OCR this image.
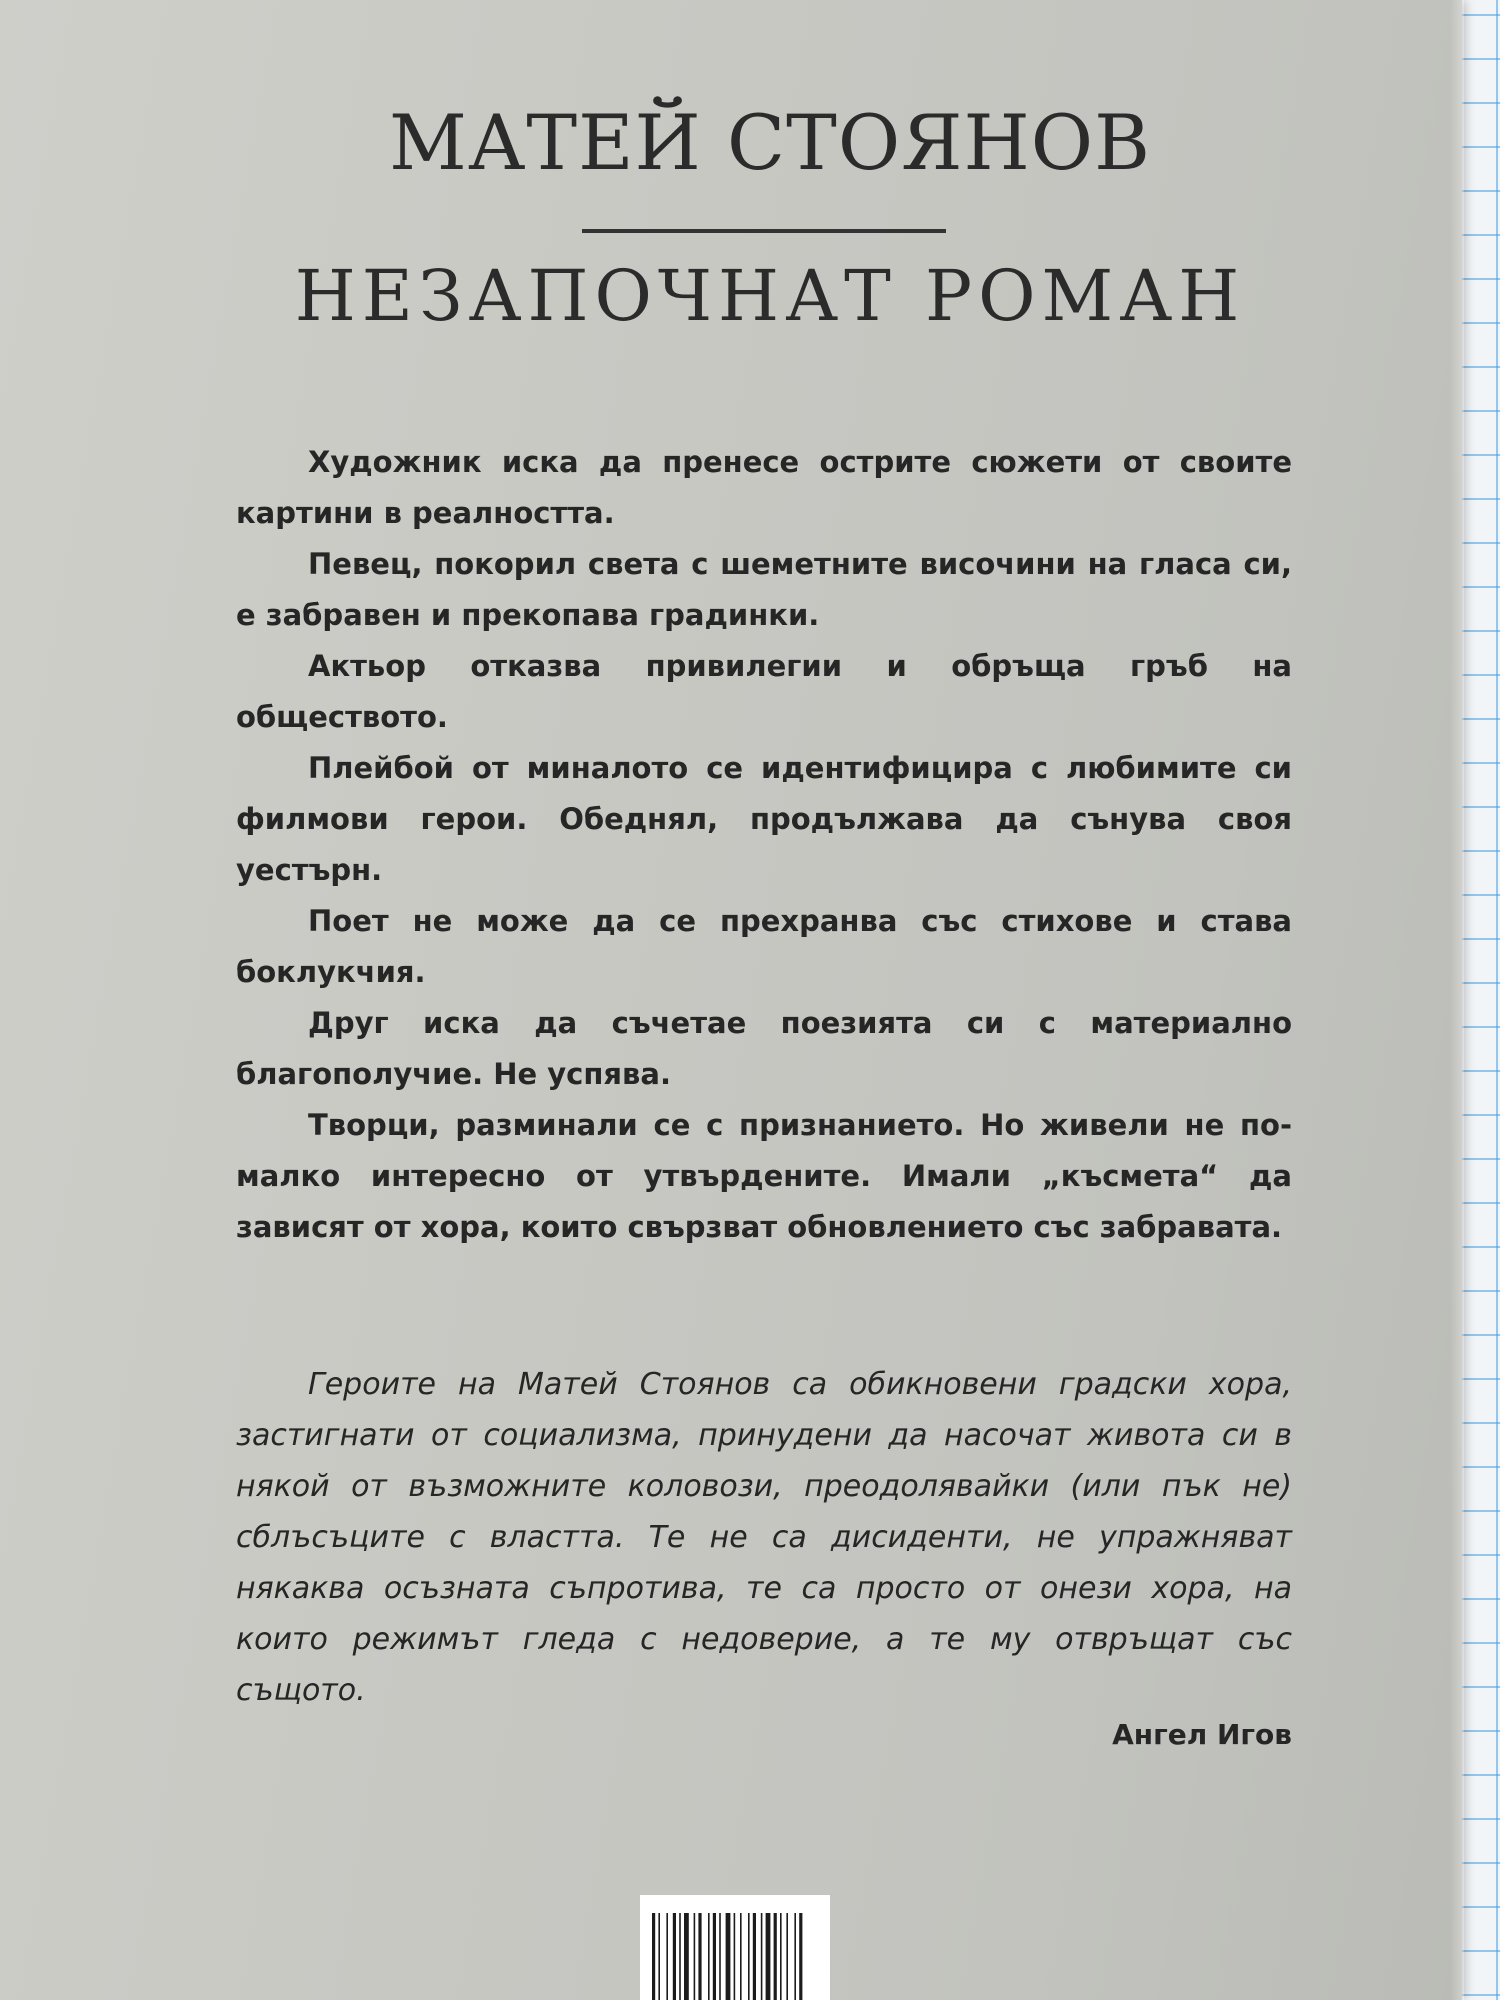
МАТЕЙ СТОЯНОВ
НЕЗАПОЧНАТ РОМАН

Художник иска да пренесе острите сюжети от своите картини в реалността.

Певец, покорил света с шеметните височини на гласа си, е забравен и прекопава градинки.

Актьор отказва привилегии и обръща гръб на обществото.

Плейбой от миналото се идентифицира с любимите си филмови герои. Обеднял, продължава да сънува своя уестърн.

Поет не може да се прехранва със стихове и става боклукчия.

Друг иска да съчетае поезията си с материално благополучие. Не успява.

Творци, разминали се с признанието. Но живели не по-малко интересно от утвърдените. Имали „късмета“ да зависят от хора, които свързват обновлението със забравата.

Героите на Матей Стоянов са обикновени градски хора, застигнати от социализма, принудени да насочат живота си в някой от възможните коловози, преодолявайки (или пък не) сблъсъците с властта. Те не са дисиденти, не упражняват някаква осъзната съпротива, те са просто от онези хора, на които режимът гледа с недоверие, а те му отвръщат със същото.

Ангел Игов
